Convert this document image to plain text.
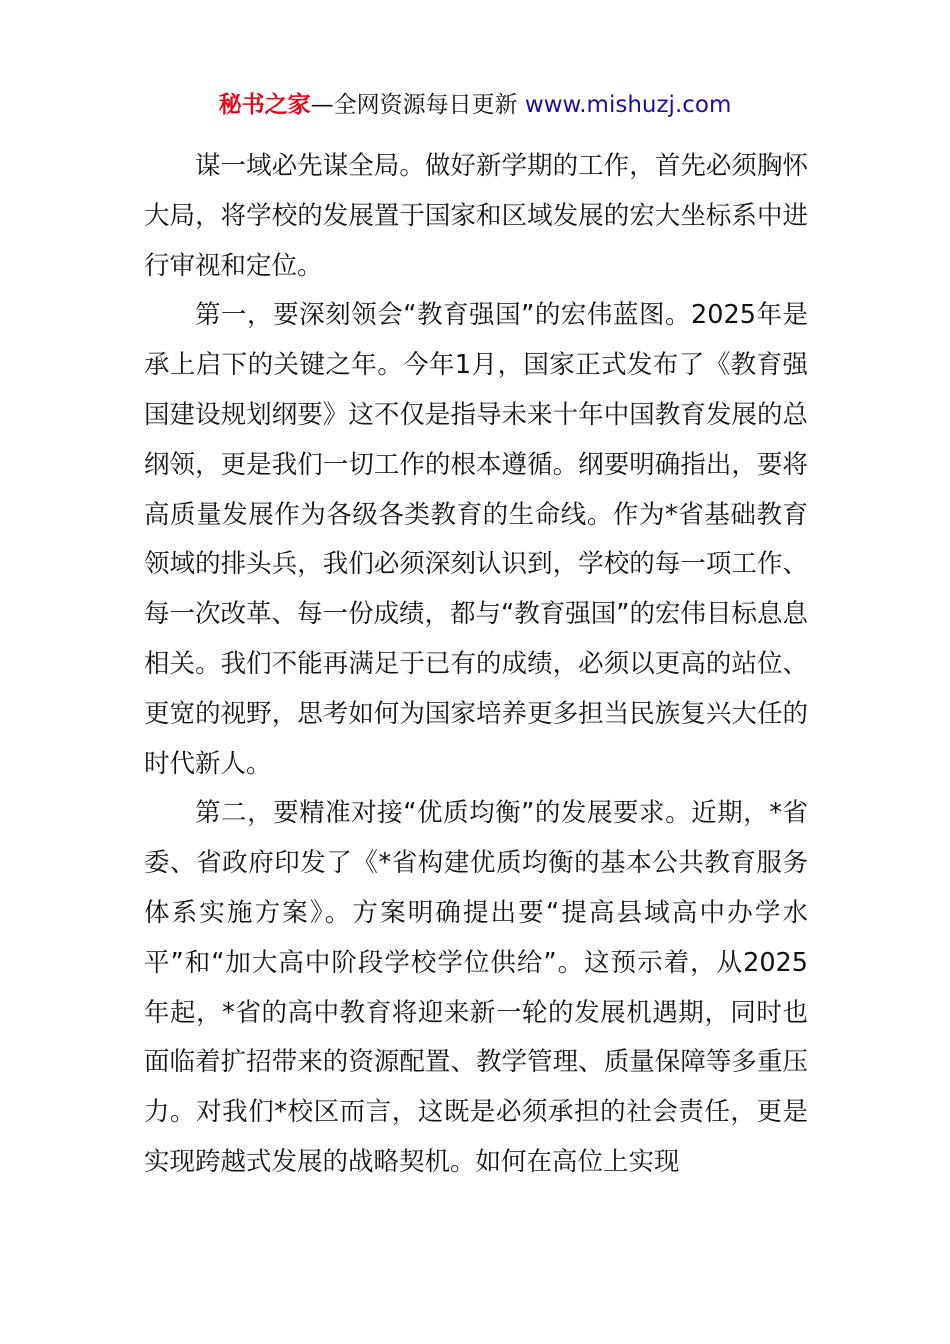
秘书之家—全网资源每日更新 www.mishuzj.com

谋一域必先谋全局。做好新学期的工作，首先必须胸怀大局，将学校的发展置于国家和区域发展的宏大坐标系中进行审视和定位。

第一，要深刻领会“教育强国”的宏伟蓝图。2025年是承上启下的关键之年。今年1月，国家正式发布了《教育强国建设规划纲要》这不仅是指导未来十年中国教育发展的总纲领，更是我们一切工作的根本遵循。纲要明确指出，要将高质量发展作为各级各类教育的生命线。作为*省基础教育领域的排头兵，我们必须深刻认识到，学校的每一项工作、每一次改革、每一份成绩，都与“教育强国”的宏伟目标息息相关。我们不能再满足于已有的成绩，必须以更高的站位、更宽的视野，思考如何为国家培养更多担当民族复兴大任的时代新人。

第二，要精准对接“优质均衡”的发展要求。近期，*省委、省政府印发了《*省构建优质均衡的基本公共教育服务体系实施方案》。方案明确提出要“提高县域高中办学水平”和“加大高中阶段学校学位供给”。这预示着，从2025年起，*省的高中教育将迎来新一轮的发展机遇期，同时也面临着扩招带来的资源配置、教学管理、质量保障等多重压力。对我们*校区而言，这既是必须承担的社会责任，更是实现跨越式发展的战略契机。如何在高位上实现
